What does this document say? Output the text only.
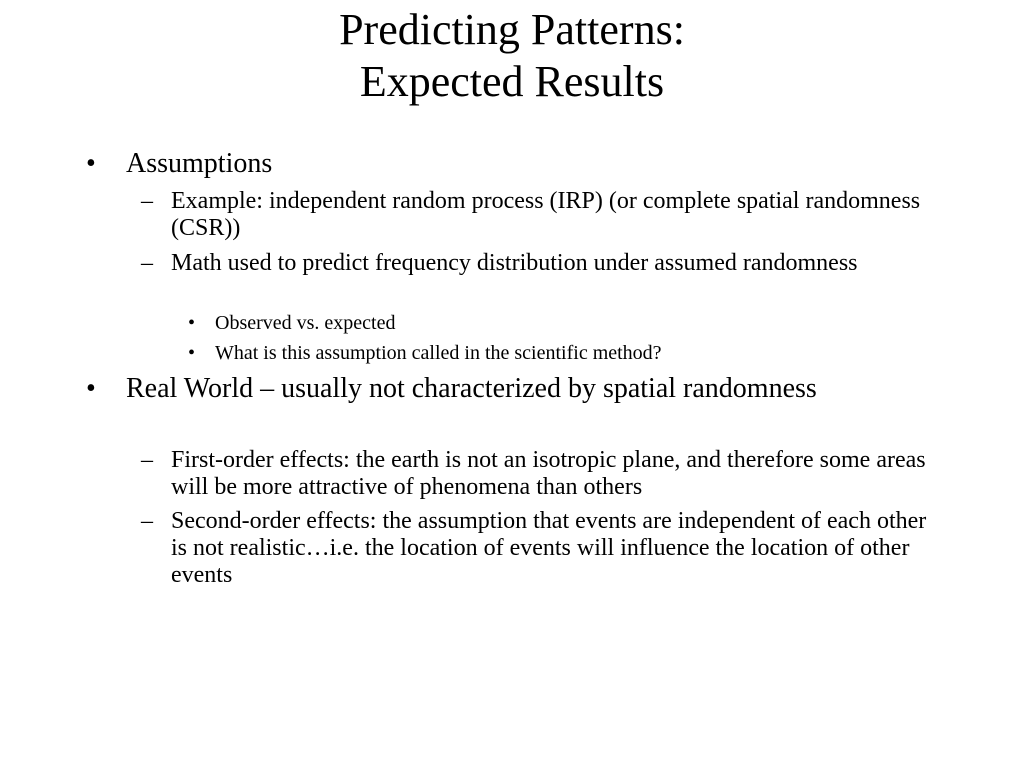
Predicting Patterns:
Expected Results
•	Assumptions
– Example: independent random process (IRP) (or complete spatial randomness (CSR))
– Math used to predict frequency distribution under assumed randomness
• Observed vs. expected
• What is this assumption called in the scientific method?
•	Real World – usually not characterized by spatial randomness
– First-order effects: the earth is not an isotropic plane, and therefore some areas will be more attractive of phenomena than others
– Second-order effects: the assumption that events are independent of each other is not realistic…i.e. the location of events will influence the location of other events
